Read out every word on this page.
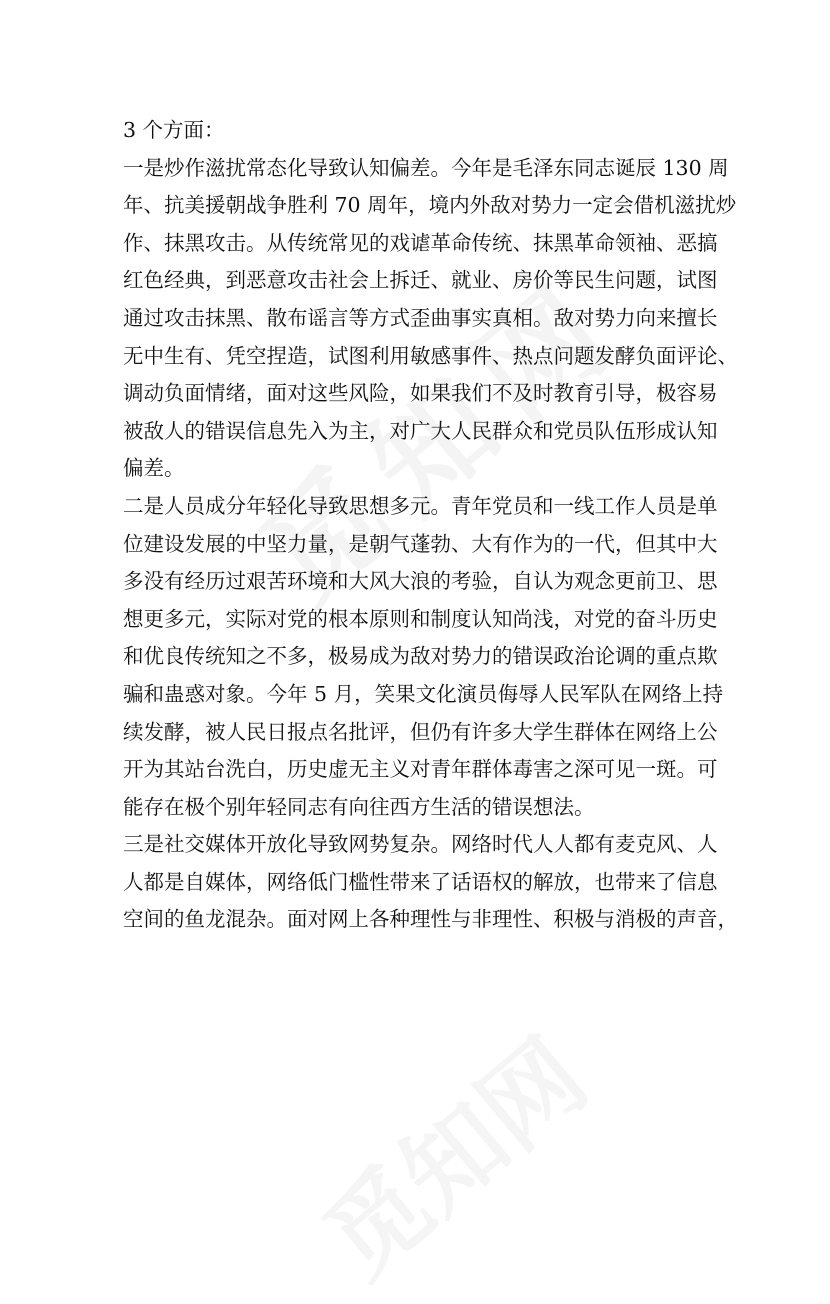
3 个方面：
一是炒作滋扰常态化导致认知偏差。今年是毛泽东同志诞辰 130 周
年、抗美援朝战争胜利 70 周年，境内外敌对势力一定会借机滋扰炒
作、抹黑攻击。从传统常见的戏谑革命传统、抹黑革命领袖、恶搞
红色经典，到恶意攻击社会上拆迁、就业、房价等民生问题，试图
通过攻击抹黑、散布谣言等方式歪曲事实真相。敌对势力向来擅长
无中生有、凭空捏造，试图利用敏感事件、热点问题发酵负面评论、
调动负面情绪，面对这些风险，如果我们不及时教育引导，极容易
被敌人的错误信息先入为主，对广大人民群众和党员队伍形成认知
偏差。
二是人员成分年轻化导致思想多元。青年党员和一线工作人员是单
位建设发展的中坚力量，是朝气蓬勃、大有作为的一代，但其中大
多没有经历过艰苦环境和大风大浪的考验，自认为观念更前卫、思
想更多元，实际对党的根本原则和制度认知尚浅，对党的奋斗历史
和优良传统知之不多，极易成为敌对势力的错误政治论调的重点欺
骗和蛊惑对象。今年 5 月，笑果文化演员侮辱人民军队在网络上持
续发酵，被人民日报点名批评，但仍有许多大学生群体在网络上公
开为其站台洗白，历史虚无主义对青年群体毒害之深可见一斑。可
能存在极个别年轻同志有向往西方生活的错误想法。
三是社交媒体开放化导致网势复杂。网络时代人人都有麦克风、人
人都是自媒体，网络低门槛性带来了话语权的解放，也带来了信息
空间的鱼龙混杂。面对网上各种理性与非理性、积极与消极的声音，
